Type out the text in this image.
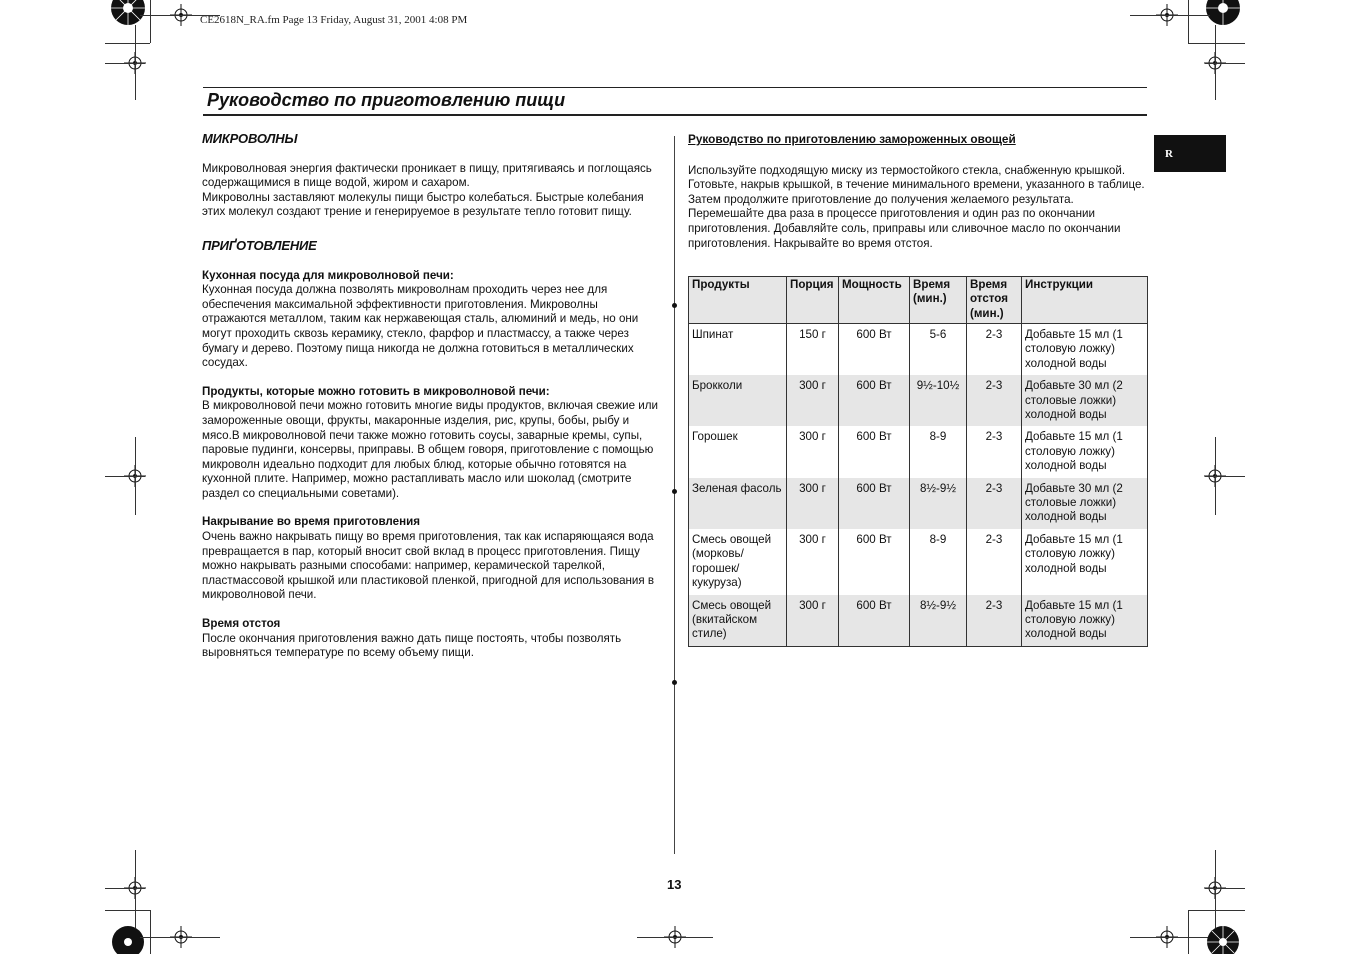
CE2618N_RA.fm Page 13 Friday, August 31, 2001 4:08 PM
Руководство по приготовлению пищи
R
МИКРОВОЛНЫ

Микроволновая энергия фактически проникает в пищу, притягиваясь и поглощаясь содержащимися в пище водой, жиром и сахаром.

Микроволны заставляют молекулы пищи быстро колебаться. Быстрые колебания этих молекул создают трение и генерируемое в результате тепло готовит пищу.

ПРИҐОТОВЛЕНИЕ

Кухонная посуда для микроволновой печи:

Кухонная посуда должна позволять микроволнам проходить через нее для обеспечения максимальной эффективности приготовления. Микроволны отражаются металлом, таким как нержавеющая сталь, алюминий и медь, но они могут проходить сквозь керамику, стекло, фарфор и пластмассу, а также через бумагу и дерево. Поэтому пища никогда не должна готовиться в металлических сосудах.

Продукты, которые можно готовить в микроволновой печи:

В микроволновой печи можно готовить многие виды продуктов, включая свежие или замороженные овощи, фрукты, макаронные изделия, рис, крупы, бобы, рыбу и мясо.В микроволновой печи также можно готовить соусы, заварные кремы, супы, паровые пудинги, консервы, приправы. В общем говоря, приготовление с помощью микроволн идеально подходит для любых блюд, которые обычно готовятся на кухонной плите. Например, можно растапливать масло или шоколад (смотрите раздел со специальными советами).

Накрывание во время приготовления

Очень важно накрывать пищу во время приготовления, так как испаряющаяся вода превращается в пар, который вносит свой вклад в процесс приготовления. Пищу можно накрывать разными способами: например, керамической тарелкой, пластмассовой крышкой или пластиковой пленкой, пригодной для использования в микроволновой печи.

Время отстоя

После окончания приготовления важно дать пище постоять, чтобы позволять выровняться температуре по всему объему пищи.

Руководство по приготовлению замороженных овощей

Используйте подходящую миску из термостойкого стекла, снабженную крышкой. Готовьте, накрыв крышкой, в течение минимального времени, указанного в таблице. Затем продолжите приготовление до получения желаемого результата. Перемешайте два раза в процессе приготовления и один раз по окончании приготовления. Добавляйте соль, приправы или сливочное масло по окончании приготовления. Накрывайте во время отстоя.

Продукты	Порция	Мощность	Время (мин.)	Время отстоя (мин.)	Инструкции
Шпинат	150 г	600 Вт	5-6	2-3	Добавьте 15 мл (1 столовую ложку) холодной воды
Брокколи	300 г	600 Вт	9½-10½	2-3	Добавьте 30 мл (2 столовые ложки) холодной воды
Горошек	300 г	600 Вт	8-9	2-3	Добавьте 15 мл (1 столовую ложку) холодной воды
Зеленая фасоль	300 г	600 Вт	8½-9½	2-3	Добавьте 30 мл (2 столовые ложки) холодной воды
Смесь овощей (морковь/ горошек/ кукуруза)	300 г	600 Вт	8-9	2-3	Добавьте 15 мл (1 столовую ложку) холодной воды
Смесь овощей (вкитайском стиле)	300 г	600 Вт	8½-9½	2-3	Добавьте 15 мл (1 столовую ложку) холодной воды
13
